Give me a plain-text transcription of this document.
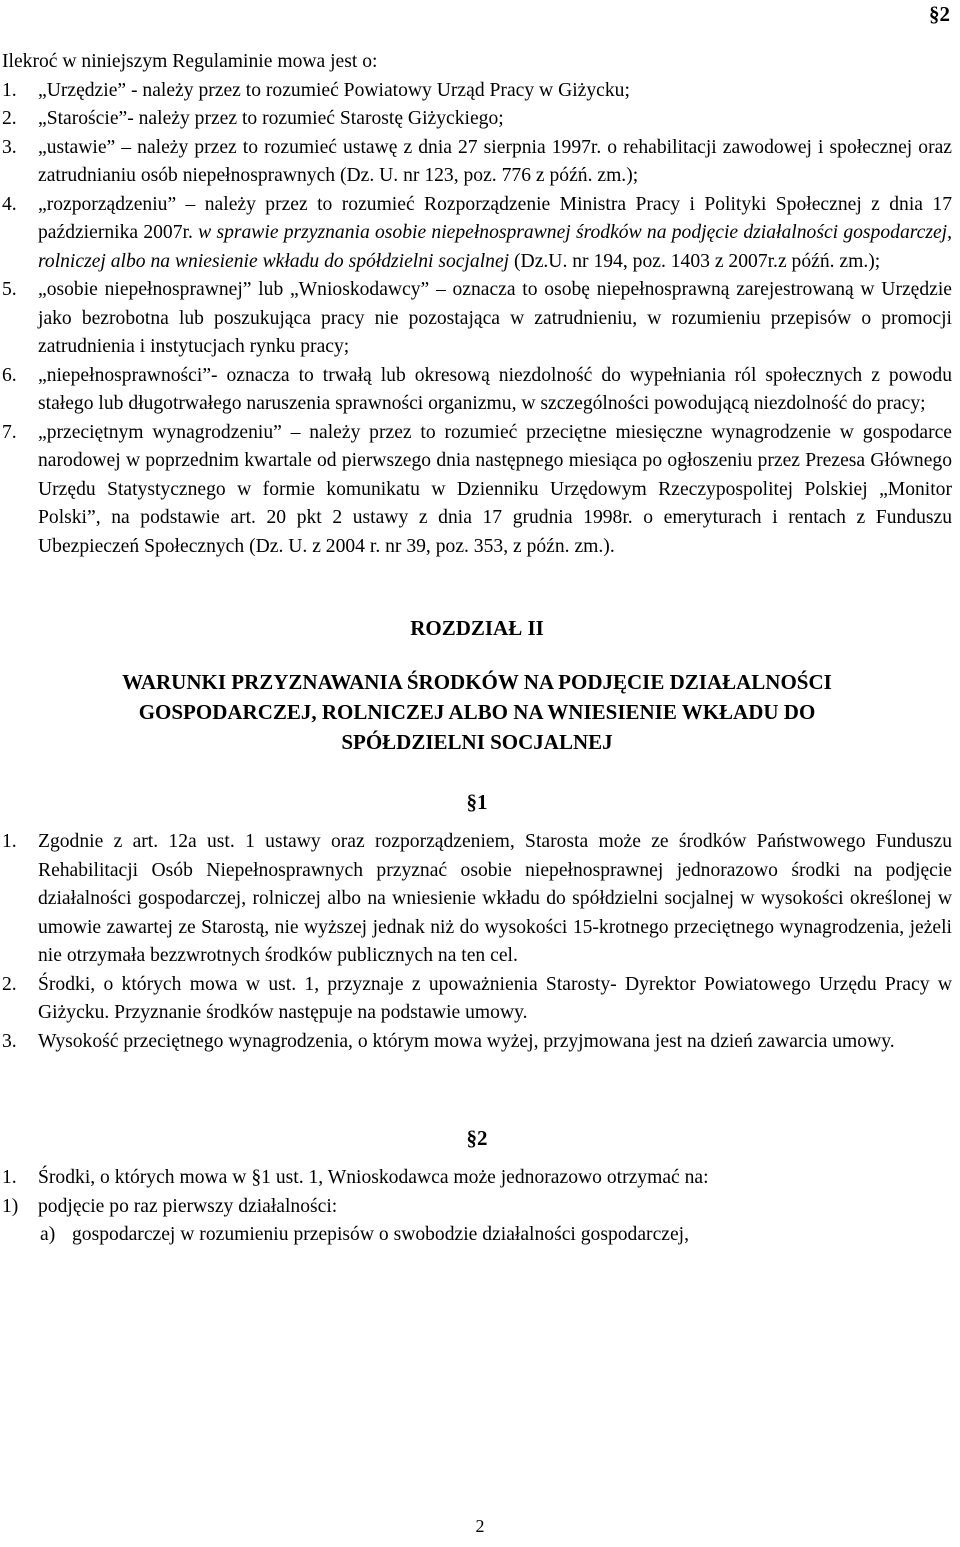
§2

Ilekroć w niniejszym Regulaminie mowa jest o:

1. „Urzędzie” - należy przez to rozumieć Powiatowy Urząd Pracy w Giżycku;
2. „Staroście”- należy przez to rozumieć Starostę Giżyckiego;
3. „ustawie” – należy przez to rozumieć ustawę z dnia 27 sierpnia 1997r. o rehabilitacji zawodowej i społecznej oraz zatrudnianiu osób niepełnosprawnych (Dz. U. nr 123, poz. 776 z późń. zm.);
4. „rozporządzeniu” – należy przez to rozumieć Rozporządzenie Ministra Pracy i Polityki Społecznej z dnia 17 października 2007r. w sprawie przyznania osobie niepełnosprawnej środków na podjęcie działalności gospodarczej, rolniczej albo na wniesienie wkładu do spółdzielni socjalnej (Dz.U. nr 194, poz. 1403 z 2007r.z późń. zm.);
5. „osobie niepełnosprawnej” lub „Wnioskodawcy” – oznacza to osobę niepełnosprawną zarejestrowaną w Urzędzie jako bezrobotna lub poszukująca pracy nie pozostająca w zatrudnieniu, w rozumieniu przepisów o promocji zatrudnienia i instytucjach rynku pracy;
6. „niepełnosprawności”- oznacza to trwałą lub okresową niezdolność do wypełniania ról społecznych z powodu stałego lub długotrwałego naruszenia sprawności organizmu, w szczególności powodującą niezdolność do pracy;
7. „przeciętnym wynagrodzeniu” – należy przez to rozumieć przeciętne miesięczne wynagrodzenie w gospodarce narodowej w poprzednim kwartale od pierwszego dnia następnego miesiąca po ogłoszeniu przez Prezesa Głównego Urzędu Statystycznego w formie komunikatu w Dzienniku Urzędowym Rzeczypospolitej Polskiej „Monitor Polski”, na podstawie art. 20 pkt 2 ustawy z dnia 17 grudnia 1998r. o emeryturach i rentach z Funduszu Ubezpieczeń Społecznych (Dz. U. z 2004 r. nr 39, poz. 353, z późn. zm.).
ROZDZIAŁ II
WARUNKI PRZYZNAWANIA ŚRODKÓW NA PODJĘCIE DZIAŁALNOŚCI
GOSPODARCZEJ, ROLNICZEJ ALBO NA WNIESIENIE WKŁADU DO
SPÓŁDZIELNI SOCJALNEJ
§1
1. Zgodnie z art. 12a ust. 1 ustawy oraz rozporządzeniem, Starosta może ze środków Państwowego Funduszu Rehabilitacji Osób Niepełnosprawnych przyznać osobie niepełnosprawnej jednorazowo środki na podjęcie działalności gospodarczej, rolniczej albo na wniesienie wkładu do spółdzielni socjalnej w wysokości określonej w umowie zawartej ze Starostą, nie wyższej jednak niż do wysokości 15-krotnego przeciętnego wynagrodzenia, jeżeli nie otrzymała bezzwrotnych środków publicznych na ten cel.
2. Środki, o których mowa w ust. 1, przyznaje z upoważnienia Starosty- Dyrektor Powiatowego Urzędu Pracy w Giżycku. Przyznanie środków następuje na podstawie umowy.
3. Wysokość przeciętnego wynagrodzenia, o którym mowa wyżej, przyjmowana jest na dzień zawarcia umowy.
§2
1. Środki, o których mowa w §1 ust. 1, Wnioskodawca może jednorazowo otrzymać na:
1) podjęcie po raz pierwszy działalności:
a) gospodarczej w rozumieniu przepisów o swobodzie działalności gospodarczej,
2
